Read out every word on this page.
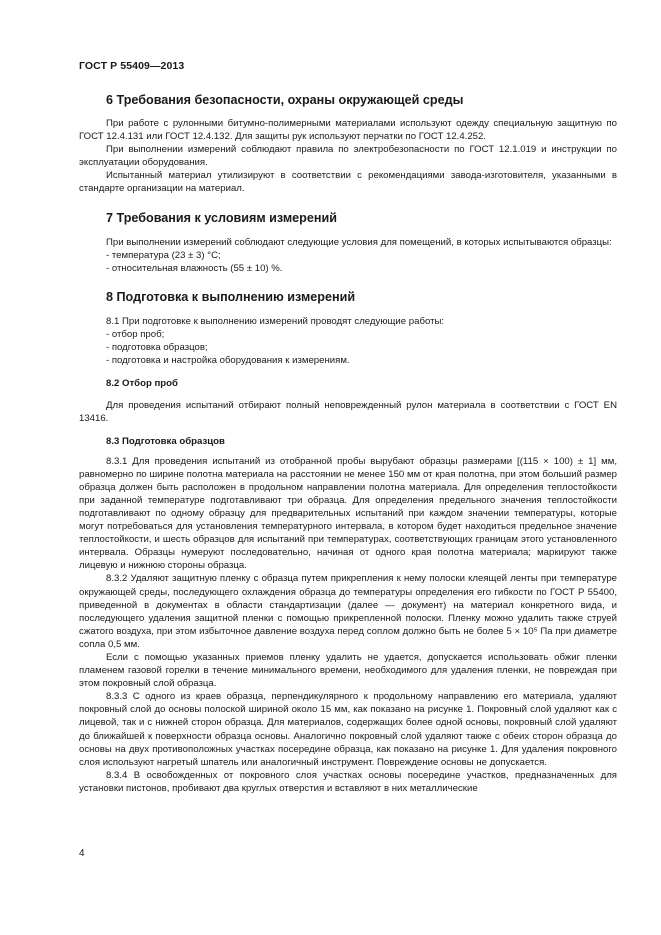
ГОСТ Р 55409—2013
6 Требования безопасности, охраны окружающей среды

При работе с рулонными битумно-полимерными материалами используют одежду специальную защитную по ГОСТ 12.4.131 или ГОСТ 12.4.132. Для защиты рук используют перчатки по ГОСТ 12.4.252.

При выполнении измерений соблюдают правила по электробезопасности по ГОСТ 12.1.019 и инструкции по эксплуатации оборудования.

Испытанный материал утилизируют в соответствии с рекомендациями завода-изготовителя, указанными в стандарте организации на материал.

7 Требования к условиям измерений

При выполнении измерений соблюдают следующие условия для помещений, в которых испытываются образцы:

- температура (23 ± 3) °С;
- относительная влажность (55 ± 10) %.
8 Подготовка к выполнению измерений

8.1 При подготовке к выполнению измерений проводят следующие работы:

- отбор проб;
- подготовка образцов;
- подготовка и настройка оборудования к измерениям.
8.2 Отбор проб

Для проведения испытаний отбирают полный неповрежденный рулон материала в соответствии с ГОСТ EN 13416.

8.3 Подготовка образцов

8.3.1 Для проведения испытаний из отобранной пробы вырубают образцы размерами [(115 × 100) ± 1] мм, равномерно по ширине полотна материала на расстоянии не менее 150 мм от края полотна, при этом больший размер образца должен быть расположен в продольном направлении полотна материала. Для определения теплостойкости при заданной температуре подготавливают три образца. Для определения предельного значения теплостойкости подготавливают по одному образцу для предварительных испытаний при каждом значении температуры, которые могут потребоваться для установления температурного интервала, в котором будет находиться предельное значение теплостойкости, и шесть образцов для испытаний при температурах, соответствующих границам этого установленного интервала. Образцы нумеруют последовательно, начиная от одного края полотна материала; маркируют также лицевую и нижнюю стороны образца.

8.3.2 Удаляют защитную пленку с образца путем прикрепления к нему полоски клеящей ленты при температуре окружающей среды, последующего охлаждения образца до температуры определения его гибкости по ГОСТ Р 55400, приведенной в документах в области стандартизации (далее — документ) на материал конкретного вида, и последующего удаления защитной пленки с помощью прикрепленной полоски. Пленку можно удалить также струей сжатого воздуха, при этом избыточное давление воздуха перед соплом должно быть не более 5 × 10⁵ Па при диаметре сопла 0,5 мм.

Если с помощью указанных приемов пленку удалить не удается, допускается использовать обжиг пленки пламенем газовой горелки в течение минимального времени, необходимого для удаления пленки, не повреждая при этом покровный слой образца.

8.3.3 С одного из краев образца, перпендикулярного к продольному направлению его материала, удаляют покровный слой до основы полоской шириной около 15 мм, как показано на рисунке 1. Покровный слой удаляют как с лицевой, так и с нижней сторон образца. Для материалов, содержащих более одной основы, покровный слой удаляют до ближайшей к поверхности образца основы. Аналогично покровный слой удаляют также с обеих сторон образца до основы на двух противоположных участках посередине образца, как показано на рисунке 1. Для удаления покровного слоя используют нагретый шпатель или аналогичный инструмент. Повреждение основы не допускается.

8.3.4 В освобожденных от покровного слоя участках основы посередине участков, предназначенных для установки пистонов, пробивают два круглых отверстия и вставляют в них металлические

4
